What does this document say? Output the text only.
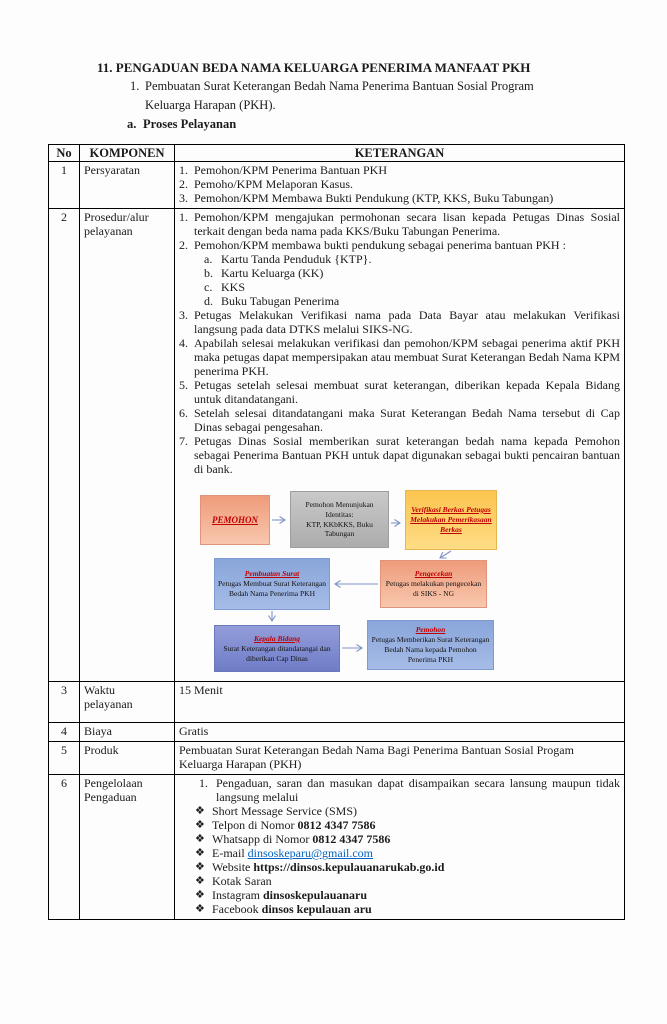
11. PENGADUAN BEDA NAMA KELUARGA PENERIMA MANFAAT PKH
1. Pembuatan Surat Keterangan Bedah Nama Penerima Bantuan Sosial Program Keluarga Harapan (PKH).
a. Proses Pelayanan
No	KOMPONEN	KETERANGAN
1	Persyaratan	1. Pemohon/KPM Penerima Bantuan PKH
2. Pemoho/KPM Melaporan Kasus.
3. Pemohon/KPM Membawa Bukti Pendukung (KTP, KKS, Buku Tabungan)

2	Prosedur/alur pelayanan

1. Pemohon/KPM mengajukan permohonan secara lisan kepada Petugas Dinas Sosial terkait dengan beda nama pada KKS/Buku Tabungan Penerima.
2. Pemohon/KPM membawa bukti pendukung sebagai penerima bantuan PKH :
a. Kartu Tanda Penduduk {KTP}.
b. Kartu Keluarga (KK)
c. KKS
d. Buku Tabugan Penerima
3. Petugas Melakukan Verifikasi nama pada Data Bayar atau melakukan Verifikasi langsung pada data DTKS melalui SIKS-NG.
4. Apabilah selesai melakukan verifikasi dan pemohon/KPM sebagai penerima aktif PKH maka petugas dapat mempersipakan atau membuat Surat Keterangan Bedah Nama KPM penerima PKH.
5. Petugas setelah selesai membuat surat keterangan, diberikan kepada Kepala Bidang untuk ditandatangani.
6. Setelah selesai ditandatangani maka Surat Keterangan Bedah Nama tersebut di Cap Dinas sebagai pengesahan.
7. Petugas Dinas Sosial memberikan surat keterangan bedah nama kepada Pemohon sebagai Penerima Bantuan PKH untuk dapat digunakan sebagai bukti pencairan bantuan di bank.
PEMOHON
Pemohon Menunjukan Identitas:
KTP, KKbKKS, Buku Tabungan
Verifikasi Berkas Petugas Melakukan Pemerikasaan Berkas
Pembuatan Surat
Petugas Membuat Surat Keterangan Bedah Nama Penerima PKH
Pengecekan
Petugas melakukan pengecekan di SIKS - NG
Kepala Bidang
Surat Keterangan ditandatangai dan diberikan Cap Dinas
Pemohon
Petugas Memberikan Surat Keterangan Bedah Nama kepada Pemohon Penerima PKH

3	Waktu pelayanan	15 Menit
4	Biaya	Gratis
5	Produk	Pembuatan Surat Keterangan Bedah Nama Bagi Penerima Bantuan Sosial Progam Keluarga Harapan (PKH)
6	Pengelolaan Pengaduan

1. Pengaduan, saran dan masukan dapat disampaikan secara lansung maupun tidak langsung melalui
❖ Short Message Service (SMS)
❖ Telpon di Nomor 0812 4347 7586
❖ Whatsapp di Nomor 0812 4347 7586
❖ E-mail dinsoskeparu@gmail.com
❖ Website https://dinsos.kepulauanarukab.go.id
❖ Kotak Saran
❖ Instagram dinsoskepulauanaru
❖ Facebook dinsos kepulauan aru
